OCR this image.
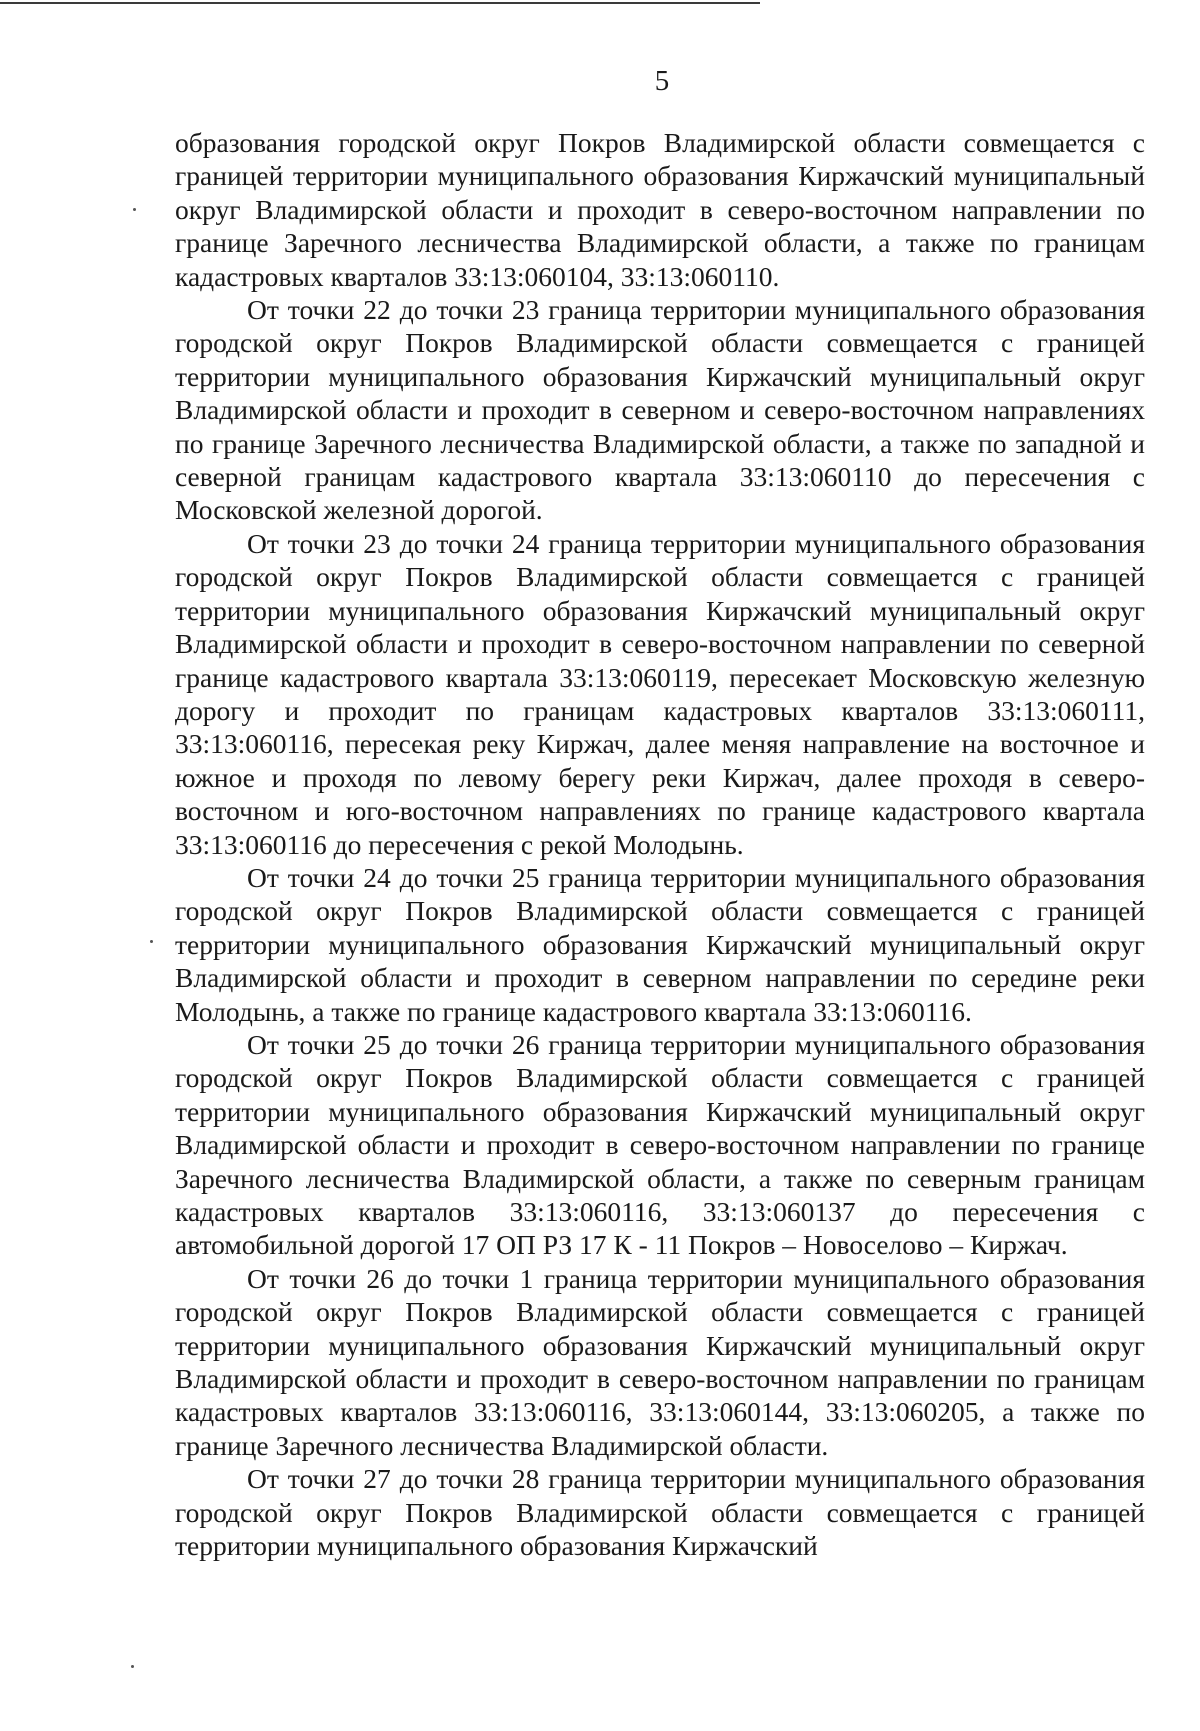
5

образования городской округ Покров Владимирской области совмещается с границей территории муниципального образования Киржачский муниципальный округ Владимирской области и проходит в северо-восточном направлении по границе Заречного лесничества Владимирской области, а также по границам кадастровых кварталов 33:13:060104, 33:13:060110.

От точки 22 до точки 23 граница территории муниципального образования городской округ Покров Владимирской области совмещается с границей территории муниципального образования Киржачский муниципальный округ Владимирской области и проходит в северном и северо-восточном направлениях по границе Заречного лесничества Владимирской области, а также по западной и северной границам кадастрового квартала 33:13:060110 до пересечения с Московской железной дорогой.

От точки 23 до точки 24 граница территории муниципального образования городской округ Покров Владимирской области совмещается с границей территории муниципального образования Киржачский муниципальный округ Владимирской области и проходит в северо-восточном направлении по северной границе кадастрового квартала 33:13:060119, пересекает Московскую железную дорогу и проходит по границам кадастровых кварталов 33:13:060111, 33:13:060116, пересекая реку Киржач, далее меняя направление на восточное и южное и проходя по левому берегу реки Киржач, далее проходя в северо-восточном и юго-восточном направлениях по границе кадастрового квартала 33:13:060116 до пересечения с рекой Молодынь.

От точки 24 до точки 25 граница территории муниципального образования городской округ Покров Владимирской области совмещается с границей территории муниципального образования Киржачский муниципальный округ Владимирской области и проходит в северном направлении по середине реки Молодынь, а также по границе кадастрового квартала 33:13:060116.

От точки 25 до точки 26 граница территории муниципального образования городской округ Покров Владимирской области совмещается с границей территории муниципального образования Киржачский муниципальный округ Владимирской области и проходит в северо-восточном направлении по границе Заречного лесничества Владимирской области, а также по северным границам кадастровых кварталов 33:13:060116, 33:13:060137 до пересечения с автомобильной дорогой 17 ОП РЗ 17 К - 11 Покров – Новоселово – Киржач.

От точки 26 до точки 1 граница территории муниципального образования городской округ Покров Владимирской области совмещается с границей территории муниципального образования Киржачский муниципальный округ Владимирской области и проходит в северо-восточном направлении по границам кадастровых кварталов 33:13:060116, 33:13:060144, 33:13:060205, а также по границе Заречного лесничества Владимирской области.

От точки 27 до точки 28 граница территории муниципального образования городской округ Покров Владимирской области совмещается с границей территории муниципального образования Киржачский
